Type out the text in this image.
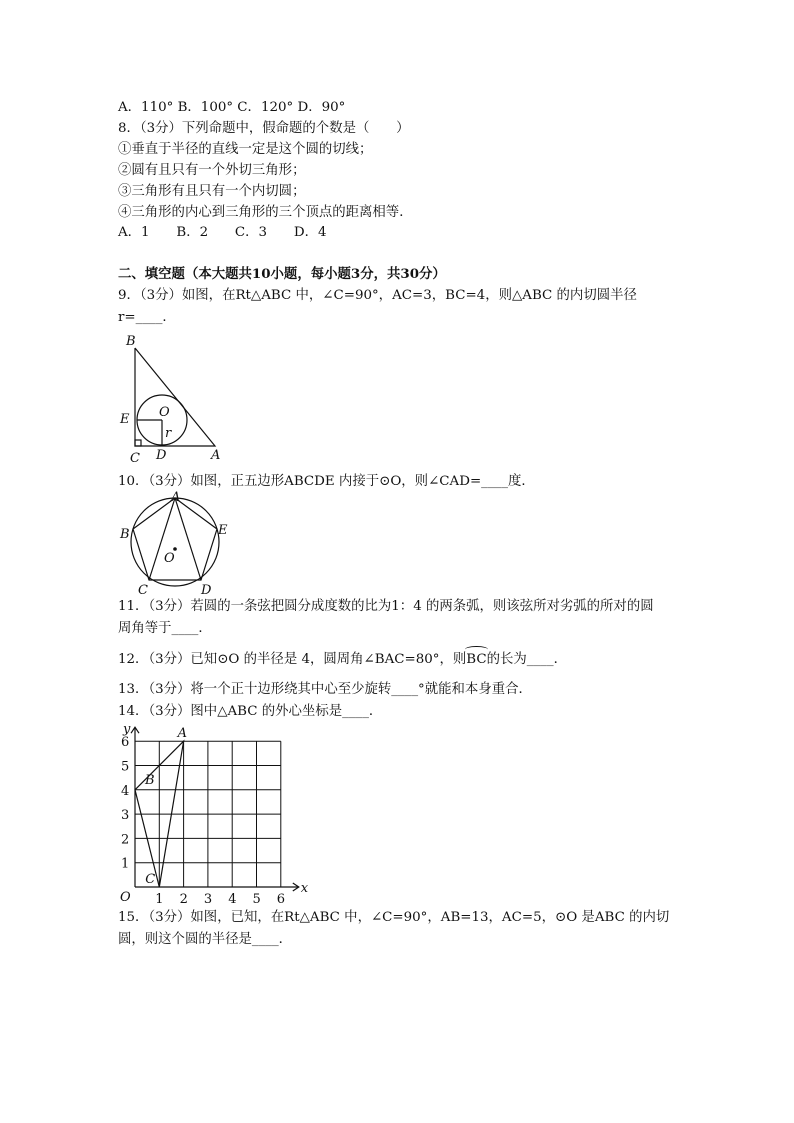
A．110° B．100° C．120° D．90°
8．（3分）下列命题中，假命题的个数是（　　）
①垂直于半径的直线一定是这个圆的切线；
②圆有且只有一个外切三角形；
③三角形有且只有一个内切圆；
④三角形的内心到三角形的三个顶点的距离相等．
A．1　　B．2　　C．3　　D．4
二、填空题（本大题共10小题，每小题3分，共30分）
9．（3分）如图，在Rt△ABC 中，∠C=90°，AC=3，BC=4，则△ABC 的内切圆半径
r=____．
B
E O
r
C D	A
10．（3分）如图，正五边形ABCDE 内接于⊙O，则∠CAD=____度．
A
B	E
O
C	D
11．（3分）若圆的一条弦把圆分成度数的比为1：4 的两条弧，则该弦所对劣弧的所对的圆
周角等于____．
12．（3分）已知⊙O 的半径是 4，圆周角∠BAC=80°，则BC的长为____．
13．（3分）将一个正十边形绕其中心至少旋转____°就能和本身重合．
14．（3分）图中△ABC 的外心坐标是____．
x
y
O 1 2 3 4 5 6
1
2
3
4
5
6
A
B
C
15．（3分）如图，已知，在Rt△ABC 中，∠C=90°，AB=13，AC=5，⊙O 是ABC 的内切
圆，则这个圆的半径是____．
